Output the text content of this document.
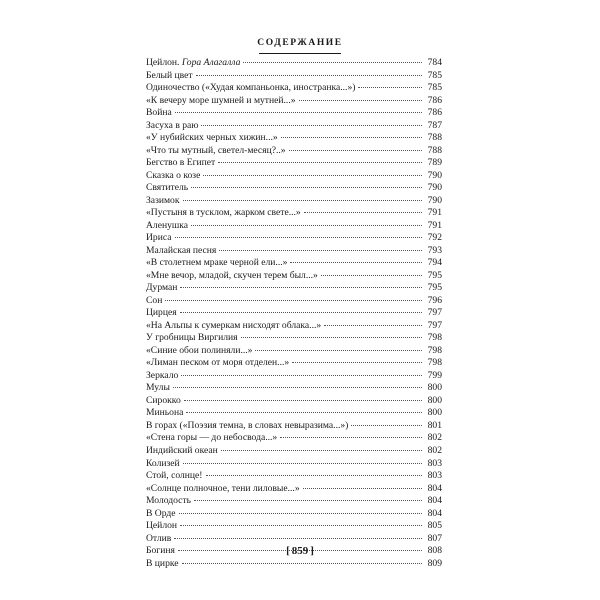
СОДЕРЖАНИЕ
Цейлон. Гора Алагалла	784
Белый цвет	785
Одиночество («Худая компаньонка, иностранка...»)	785
«К вечеру море шумней и мутней...»	786
Война	786
Засуха в раю	787
«У нубийских черных хижин...»	788
«Что ты мутный, светел-месяц?..»	788
Бегство в Египет	789
Сказка о козе	790
Святитель	790
Зазимок	790
«Пустыня в тусклом, жарком свете...»	791
Аленушка	791
Ириса	792
Малайская песня	793
«В столетнем мраке черной ели...»	794
«Мне вечор, младой, скучен терем был...»	795
Дурман	795
Сон	796
Цирцея	797
«На Альпы к сумеркам нисходят облака...»	797
У гробницы Виргилия	798
«Синие обои полиняли...»	798
«Лиман песком от моря отделен...»	798
Зеркало	799
Мулы	800
Сирокко	800
Миньона	800
В горах («Поэзия темна, в словах невыразима...»)	801
«Стена горы — до небосвода...»	802
Индийский океан	802
Колизей	803
Стой, солнце!	803
«Солнце полночное, тени лиловые...»	804
Молодость	804
В Орде	804
Цейлон	805
Отлив	807
Богиня	808
В цирке	809
[ 859 ]
